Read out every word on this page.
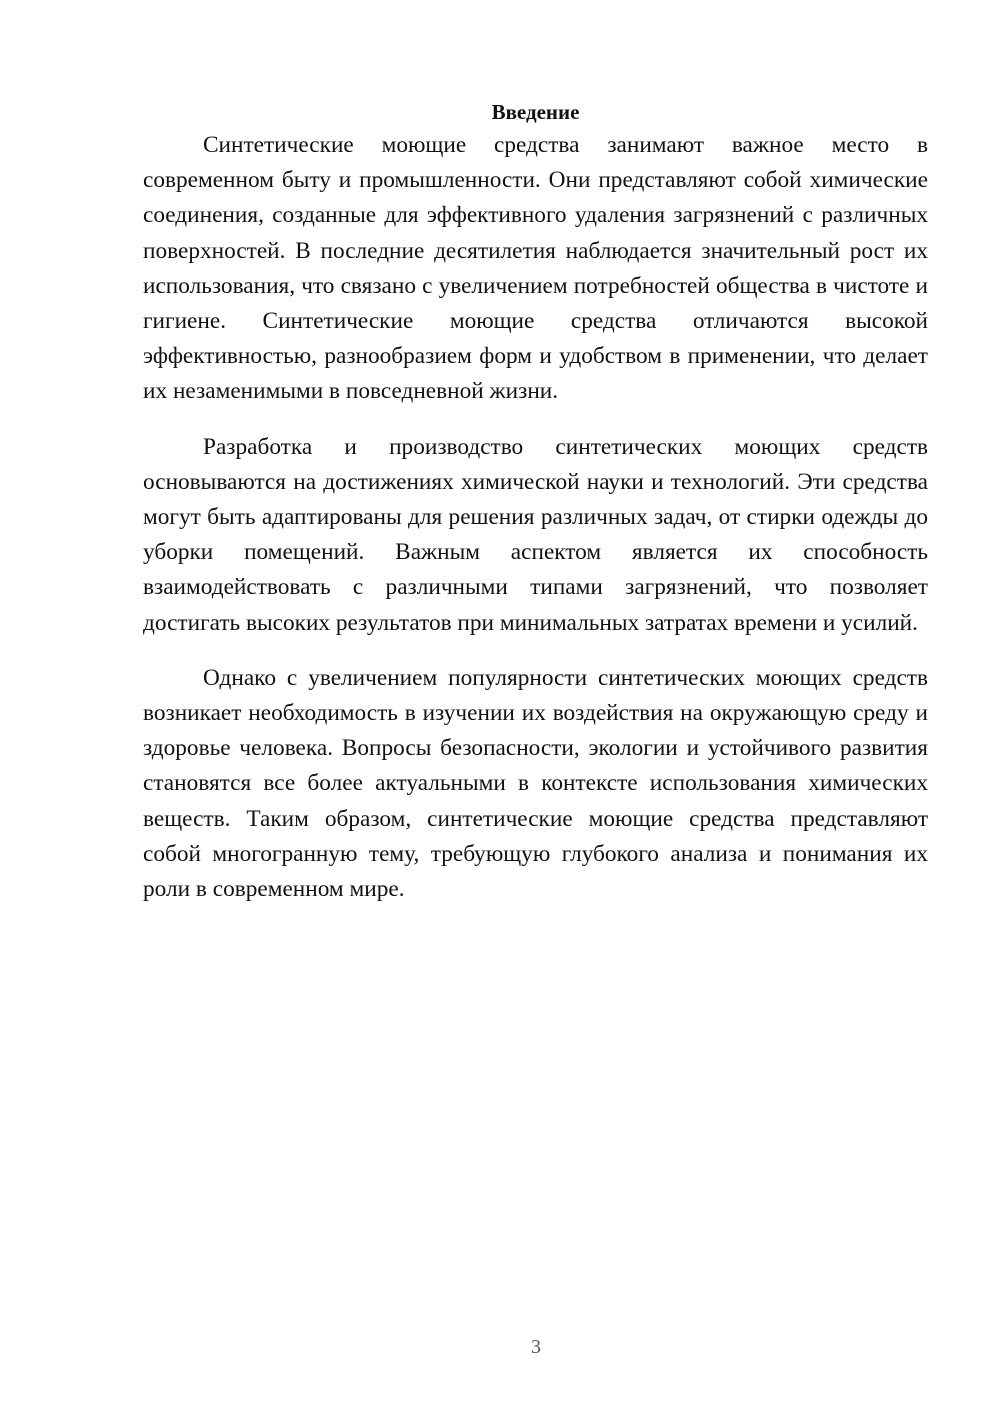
Введение

Синтетические моющие средства занимают важное место в современном быту и промышленности. Они представляют собой химические соединения, созданные для эффективного удаления загрязнений с различных поверхностей. В последние десятилетия наблюдается значительный рост их использования, что связано с увеличением потребностей общества в чистоте и гигиене. Синтетические моющие средства отличаются высокой эффективностью, разнообразием форм и удобством в применении, что делает их незаменимыми в повседневной жизни.

Разработка и производство синтетических моющих средств основываются на достижениях химической науки и технологий. Эти средства могут быть адаптированы для решения различных задач, от стирки одежды до уборки помещений. Важным аспектом является их способность взаимодействовать с различными типами загрязнений, что позволяет достигать высоких результатов при минимальных затратах времени и усилий.

Однако с увеличением популярности синтетических моющих средств возникает необходимость в изучении их воздействия на окружающую среду и здоровье человека. Вопросы безопасности, экологии и устойчивого развития становятся все более актуальными в контексте использования химических веществ. Таким образом, синтетические моющие средства представляют собой многогранную тему, требующую глубокого анализа и понимания их роли в современном мире.

3
